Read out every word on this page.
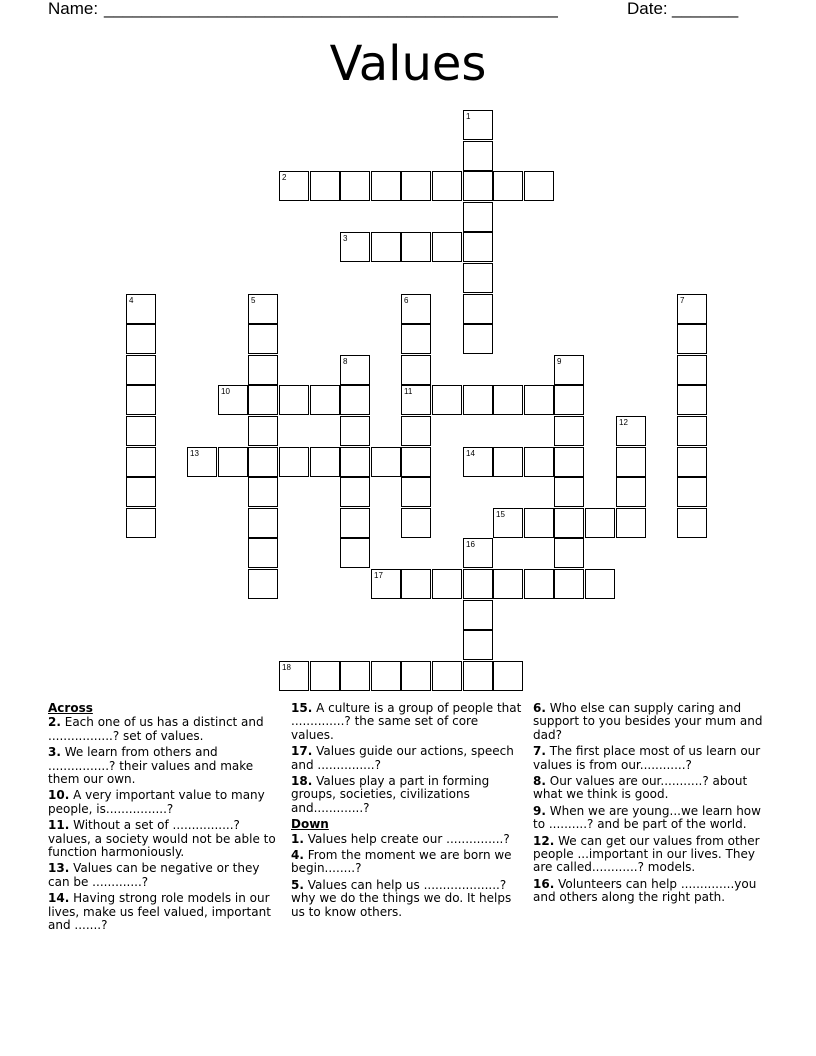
Name: ________________________________________________	Date: _______
Values
1
2
3
4	5	6
11
7
8	9
10
12
13	14
15
16
17
18
Across
2. Each one of us has a distinct and .................? set of values.
3. We learn from others and ................? their values and make them our own.
10. A very important value to many people, is................?
11. Without a set of ................? values, a society would not be able to function harmoniously.
13. Values can be negative or they can be .............?
14. Having strong role models in our lives, make us feel valued, important and .......?
15. A culture is a group of people that ..............? the same set of core values.
17. Values guide our actions, speech and ...............?
18. Values play a part in forming groups, societies, civilizations and.............?
Down
1. Values help create our ...............?
4. From the moment we are born we begin........?
5. Values can help us ....................? why we do the things we do. It helps us to know others.
6. Who else can supply caring and support to you besides your mum and dad?
7. The first place most of us learn our values is from our............?
8. Our values are our...........? about what we think is good.
9. When we are young...we learn how to ..........? and be part of the world.
12. We can get our values from other people ...important in our lives. They are called............? models.
16. Volunteers can help ..............you and others along the right path.
